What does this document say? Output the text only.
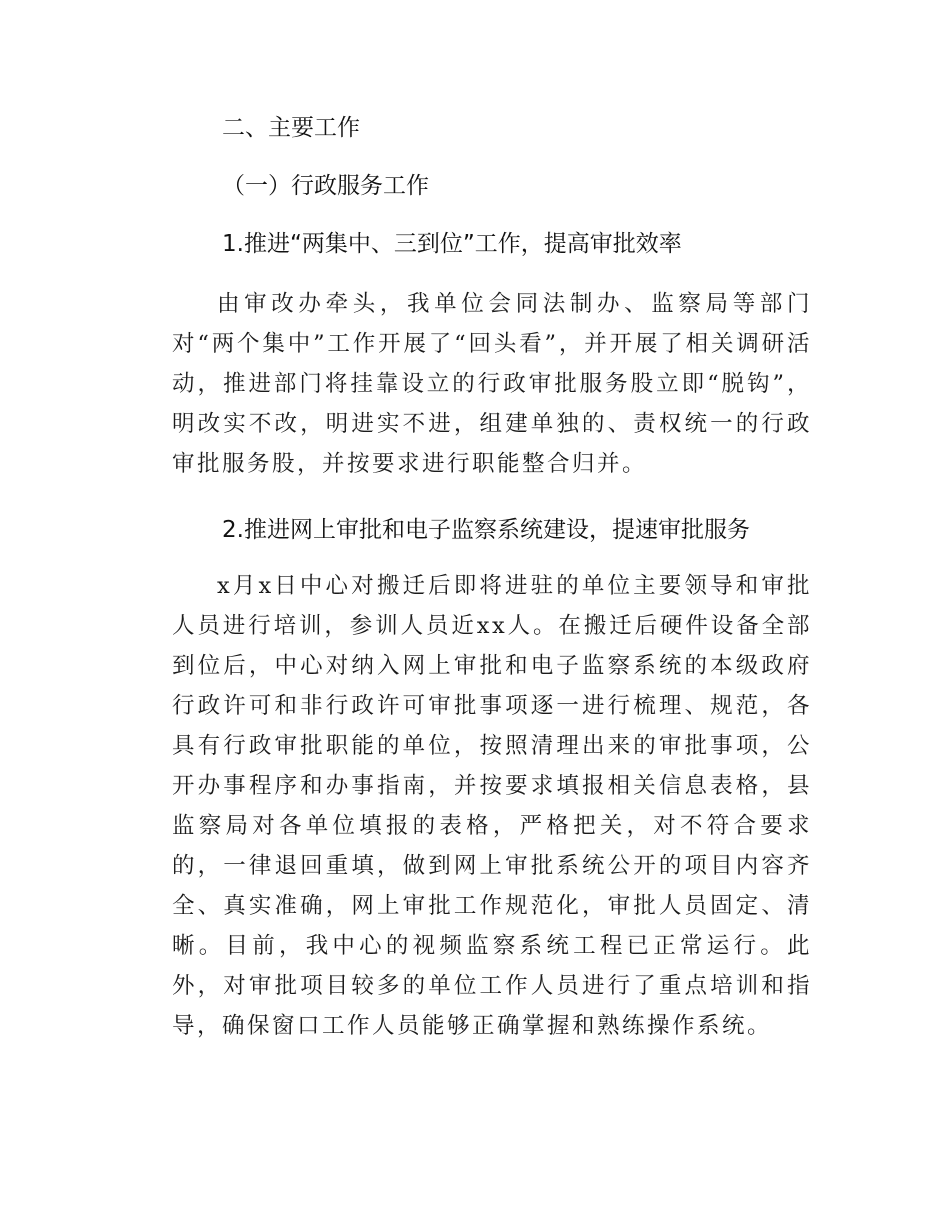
二、主要工作
（一）行政服务工作
1.推进“两集中、三到位”工作，提高审批效率

由审改办牵头，我单位会同法制办、监察局等部门对“两个集中”工作开展了“回头看”，并开展了相关调研活动，推进部门将挂靠设立的行政审批服务股立即“脱钩”，明改实不改，明进实不进，组建单独的、责权统一的行政审批服务股，并按要求进行职能整合归并。

2.推进网上审批和电子监察系统建设，提速审批服务

x月x日中心对搬迁后即将进驻的单位主要领导和审批人员进行培训，参训人员近xx人。在搬迁后硬件设备全部到位后，中心对纳入网上审批和电子监察系统的本级政府行政许可和非行政许可审批事项逐一进行梳理、规范，各具有行政审批职能的单位，按照清理出来的审批事项，公开办事程序和办事指南，并按要求填报相关信息表格，县监察局对各单位填报的表格，严格把关，对不符合要求的，一律退回重填，做到网上审批系统公开的项目内容齐全、真实准确，网上审批工作规范化，审批人员固定、清晰。目前，我中心的视频监察系统工程已正常运行。此外，对审批项目较多的单位工作人员进行了重点培训和指导，确保窗口工作人员能够正确掌握和熟练操作系统。
